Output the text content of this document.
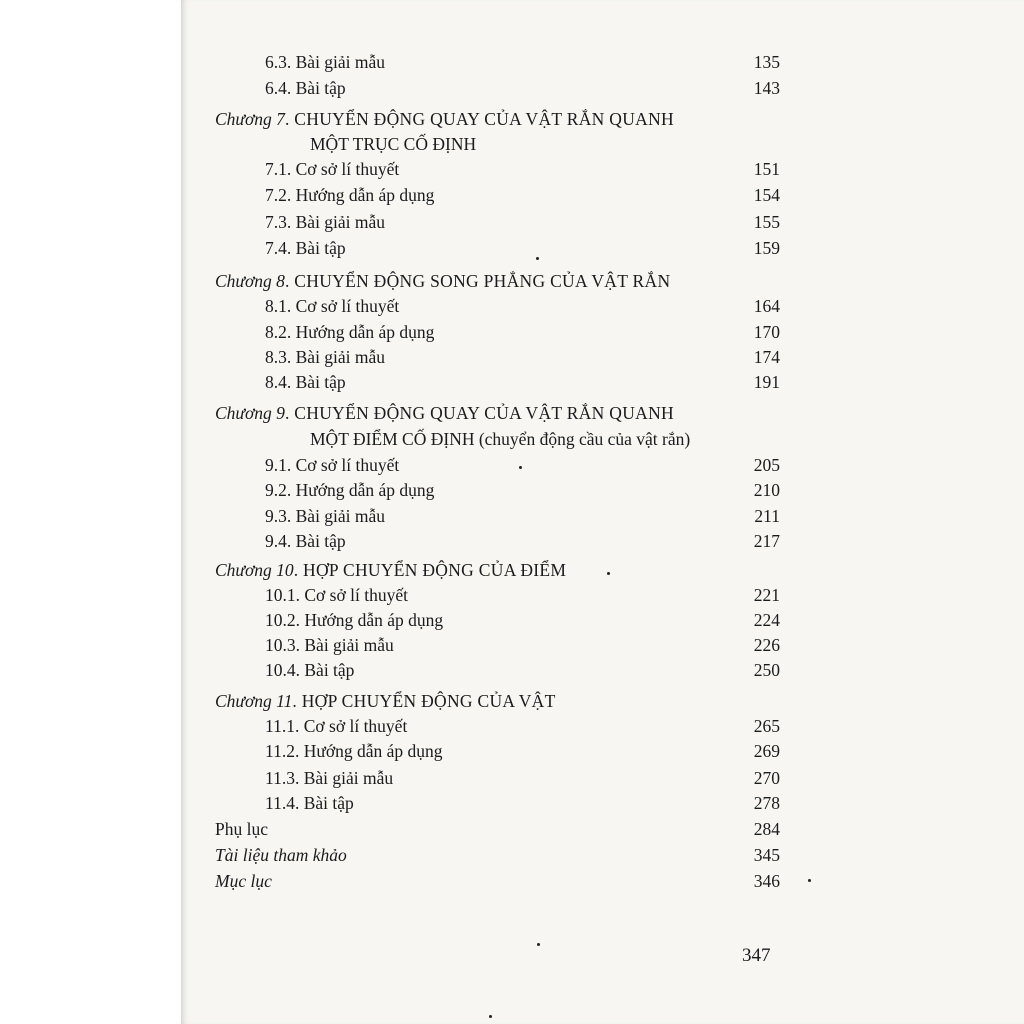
6.3. Bài giải mẫu	135
6.4. Bài tập	143
Chương 7. CHUYỂN ĐỘNG QUAY CỦA VẬT RẮN QUANH
MỘT TRỤC CỐ ĐỊNH
7.1. Cơ sở lí thuyết	151
7.2. Hướng dẫn áp dụng	154
7.3. Bài giải mẫu	155
7.4. Bài tập	159
Chương 8. CHUYỂN ĐỘNG SONG PHẲNG CỦA VẬT RẮN
8.1. Cơ sở lí thuyết	164
8.2. Hướng dẫn áp dụng	170
8.3. Bài giải mẫu	174
8.4. Bài tập	191
Chương 9. CHUYỂN ĐỘNG QUAY CỦA VẬT RẮN QUANH
MỘT ĐIỂM CỐ ĐỊNH (chuyển động cầu của vật rắn)
9.1. Cơ sở lí thuyết	205
9.2. Hướng dẫn áp dụng	210
9.3. Bài giải mẫu	211
9.4. Bài tập	217
Chương 10. HỢP CHUYỂN ĐỘNG CỦA ĐIỂM
10.1. Cơ sở lí thuyết	221
10.2. Hướng dẫn áp dụng	224
10.3. Bài giải mẫu	226
10.4. Bài tập	250
Chương 11. HỢP CHUYỂN ĐỘNG CỦA VẬT
11.1. Cơ sở lí thuyết	265
11.2. Hướng dẫn áp dụng	269
11.3. Bài giải mẫu	270
11.4. Bài tập	278
Phụ lục	284
Tài liệu tham khảo	345
Mục lục	346
347
